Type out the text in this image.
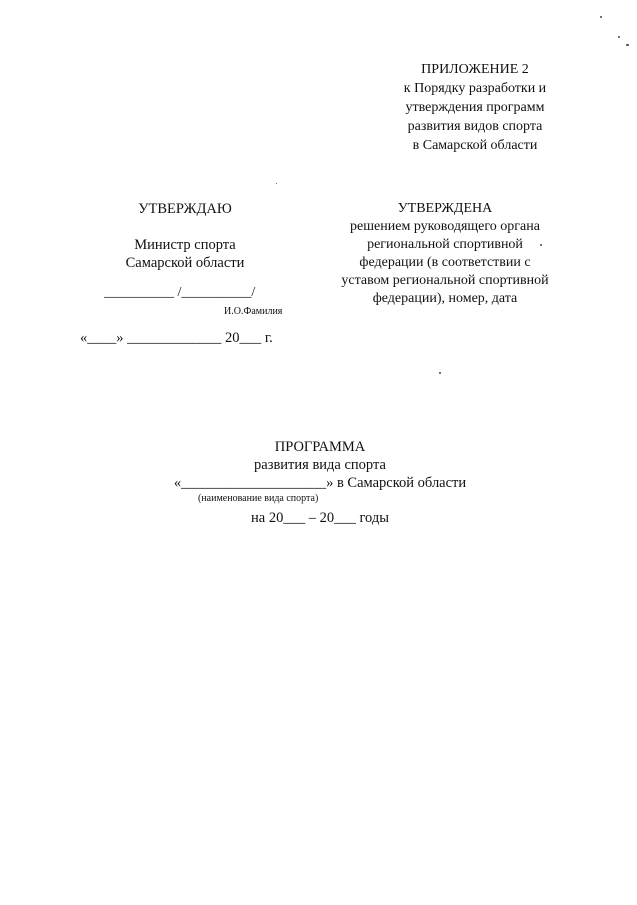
ПРИЛОЖЕНИЕ 2
к Порядку разработки и
утверждения программ
развития видов спорта
в Самарской области
УТВЕРЖДАЮ
Министр спорта
Самарской области
__________ /__________/
И.О.Фамилия
«____» _____________ 20___ г.
УТВЕРЖДЕНА
решением руководящего органа
региональной спортивной
федерации (в соответствии с
уставом региональной спортивной
федерации), номер, дата
ПРОГРАММА
развития вида спорта
«____________________» в Самарской области
(наименование вида спорта)
на 20___ – 20___ годы
